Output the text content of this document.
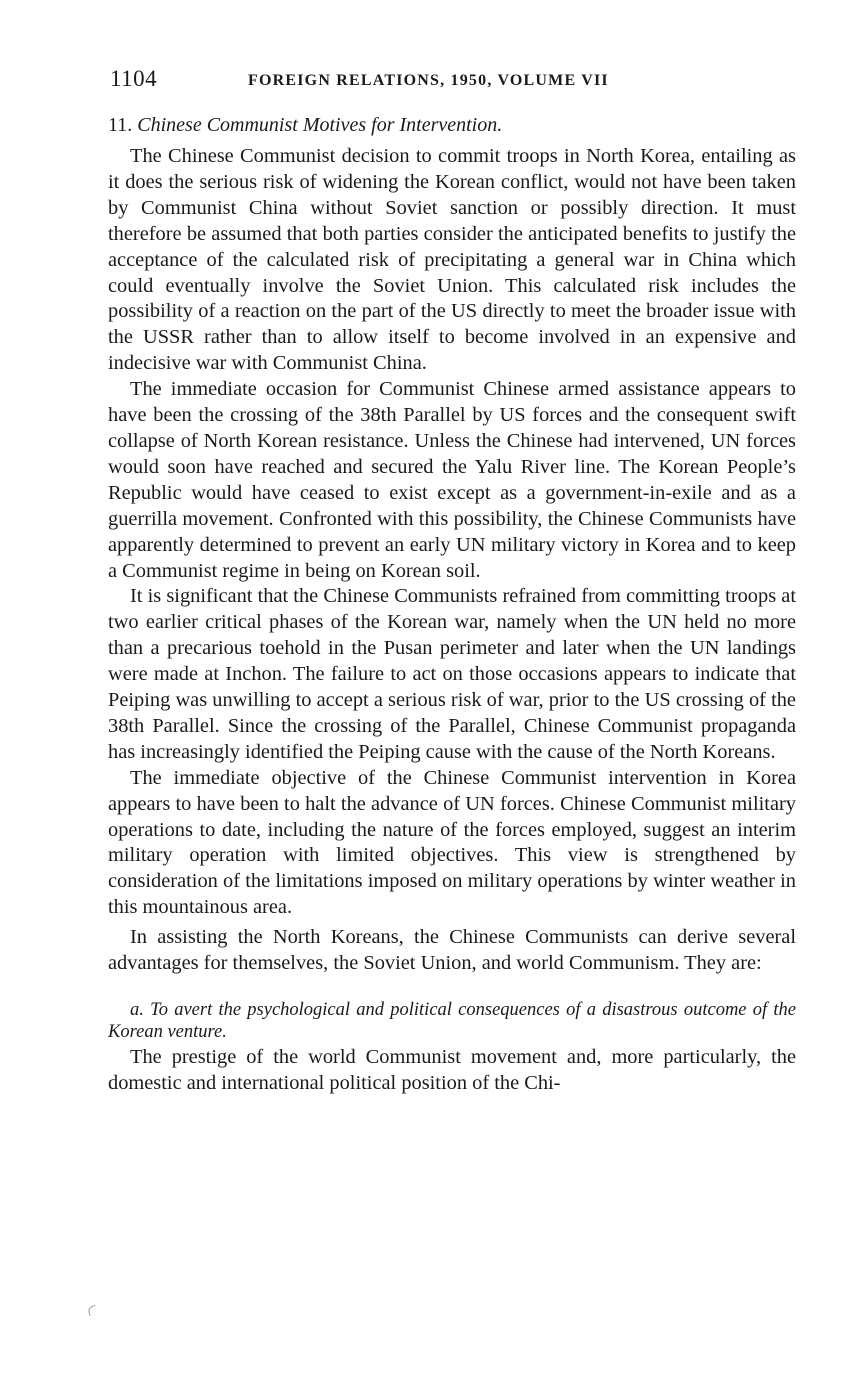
1104	FOREIGN RELATIONS, 1950, VOLUME VII
11. Chinese Communist Motives for Intervention.

The Chinese Communist decision to commit troops in North Korea, entailing as it does the serious risk of widening the Korean conflict, would not have been taken by Communist China without Soviet sanction or possibly direction. It must therefore be assumed that both parties consider the anticipated benefits to justify the acceptance of the calculated risk of precipitating a general war in China which could eventually involve the Soviet Union. This calculated risk includes the possibility of a reaction on the part of the US directly to meet the broader issue with the USSR rather than to allow itself to become involved in an expensive and indecisive war with Communist China.

The immediate occasion for Communist Chinese armed assistance appears to have been the crossing of the 38th Parallel by US forces and the consequent swift collapse of North Korean resistance. Unless the Chinese had intervened, UN forces would soon have reached and secured the Yalu River line. The Korean People’s Republic would have ceased to exist except as a government-in-exile and as a guerrilla movement. Confronted with this possibility, the Chinese Communists have apparently determined to prevent an early UN military victory in Korea and to keep a Communist regime in being on Korean soil.

It is significant that the Chinese Communists refrained from committing troops at two earlier critical phases of the Korean war, namely when the UN held no more than a precarious toehold in the Pusan perimeter and later when the UN landings were made at Inchon. The failure to act on those occasions appears to indicate that Peiping was unwilling to accept a serious risk of war, prior to the US crossing of the 38th Parallel. Since the crossing of the Parallel, Chinese Communist propaganda has increasingly identified the Peiping cause with the cause of the North Koreans.

The immediate objective of the Chinese Communist intervention in Korea appears to have been to halt the advance of UN forces. Chinese Communist military operations to date, including the nature of the forces employed, suggest an interim military operation with limited objectives. This view is strengthened by consideration of the limitations imposed on military operations by winter weather in this mountainous area.

In assisting the North Koreans, the Chinese Communists can derive several advantages for themselves, the Soviet Union, and world Communism. They are:

a. To avert the psychological and political consequences of a disastrous outcome of the Korean venture.

The prestige of the world Communist movement and, more particularly, the domestic and international political position of the Chi-
